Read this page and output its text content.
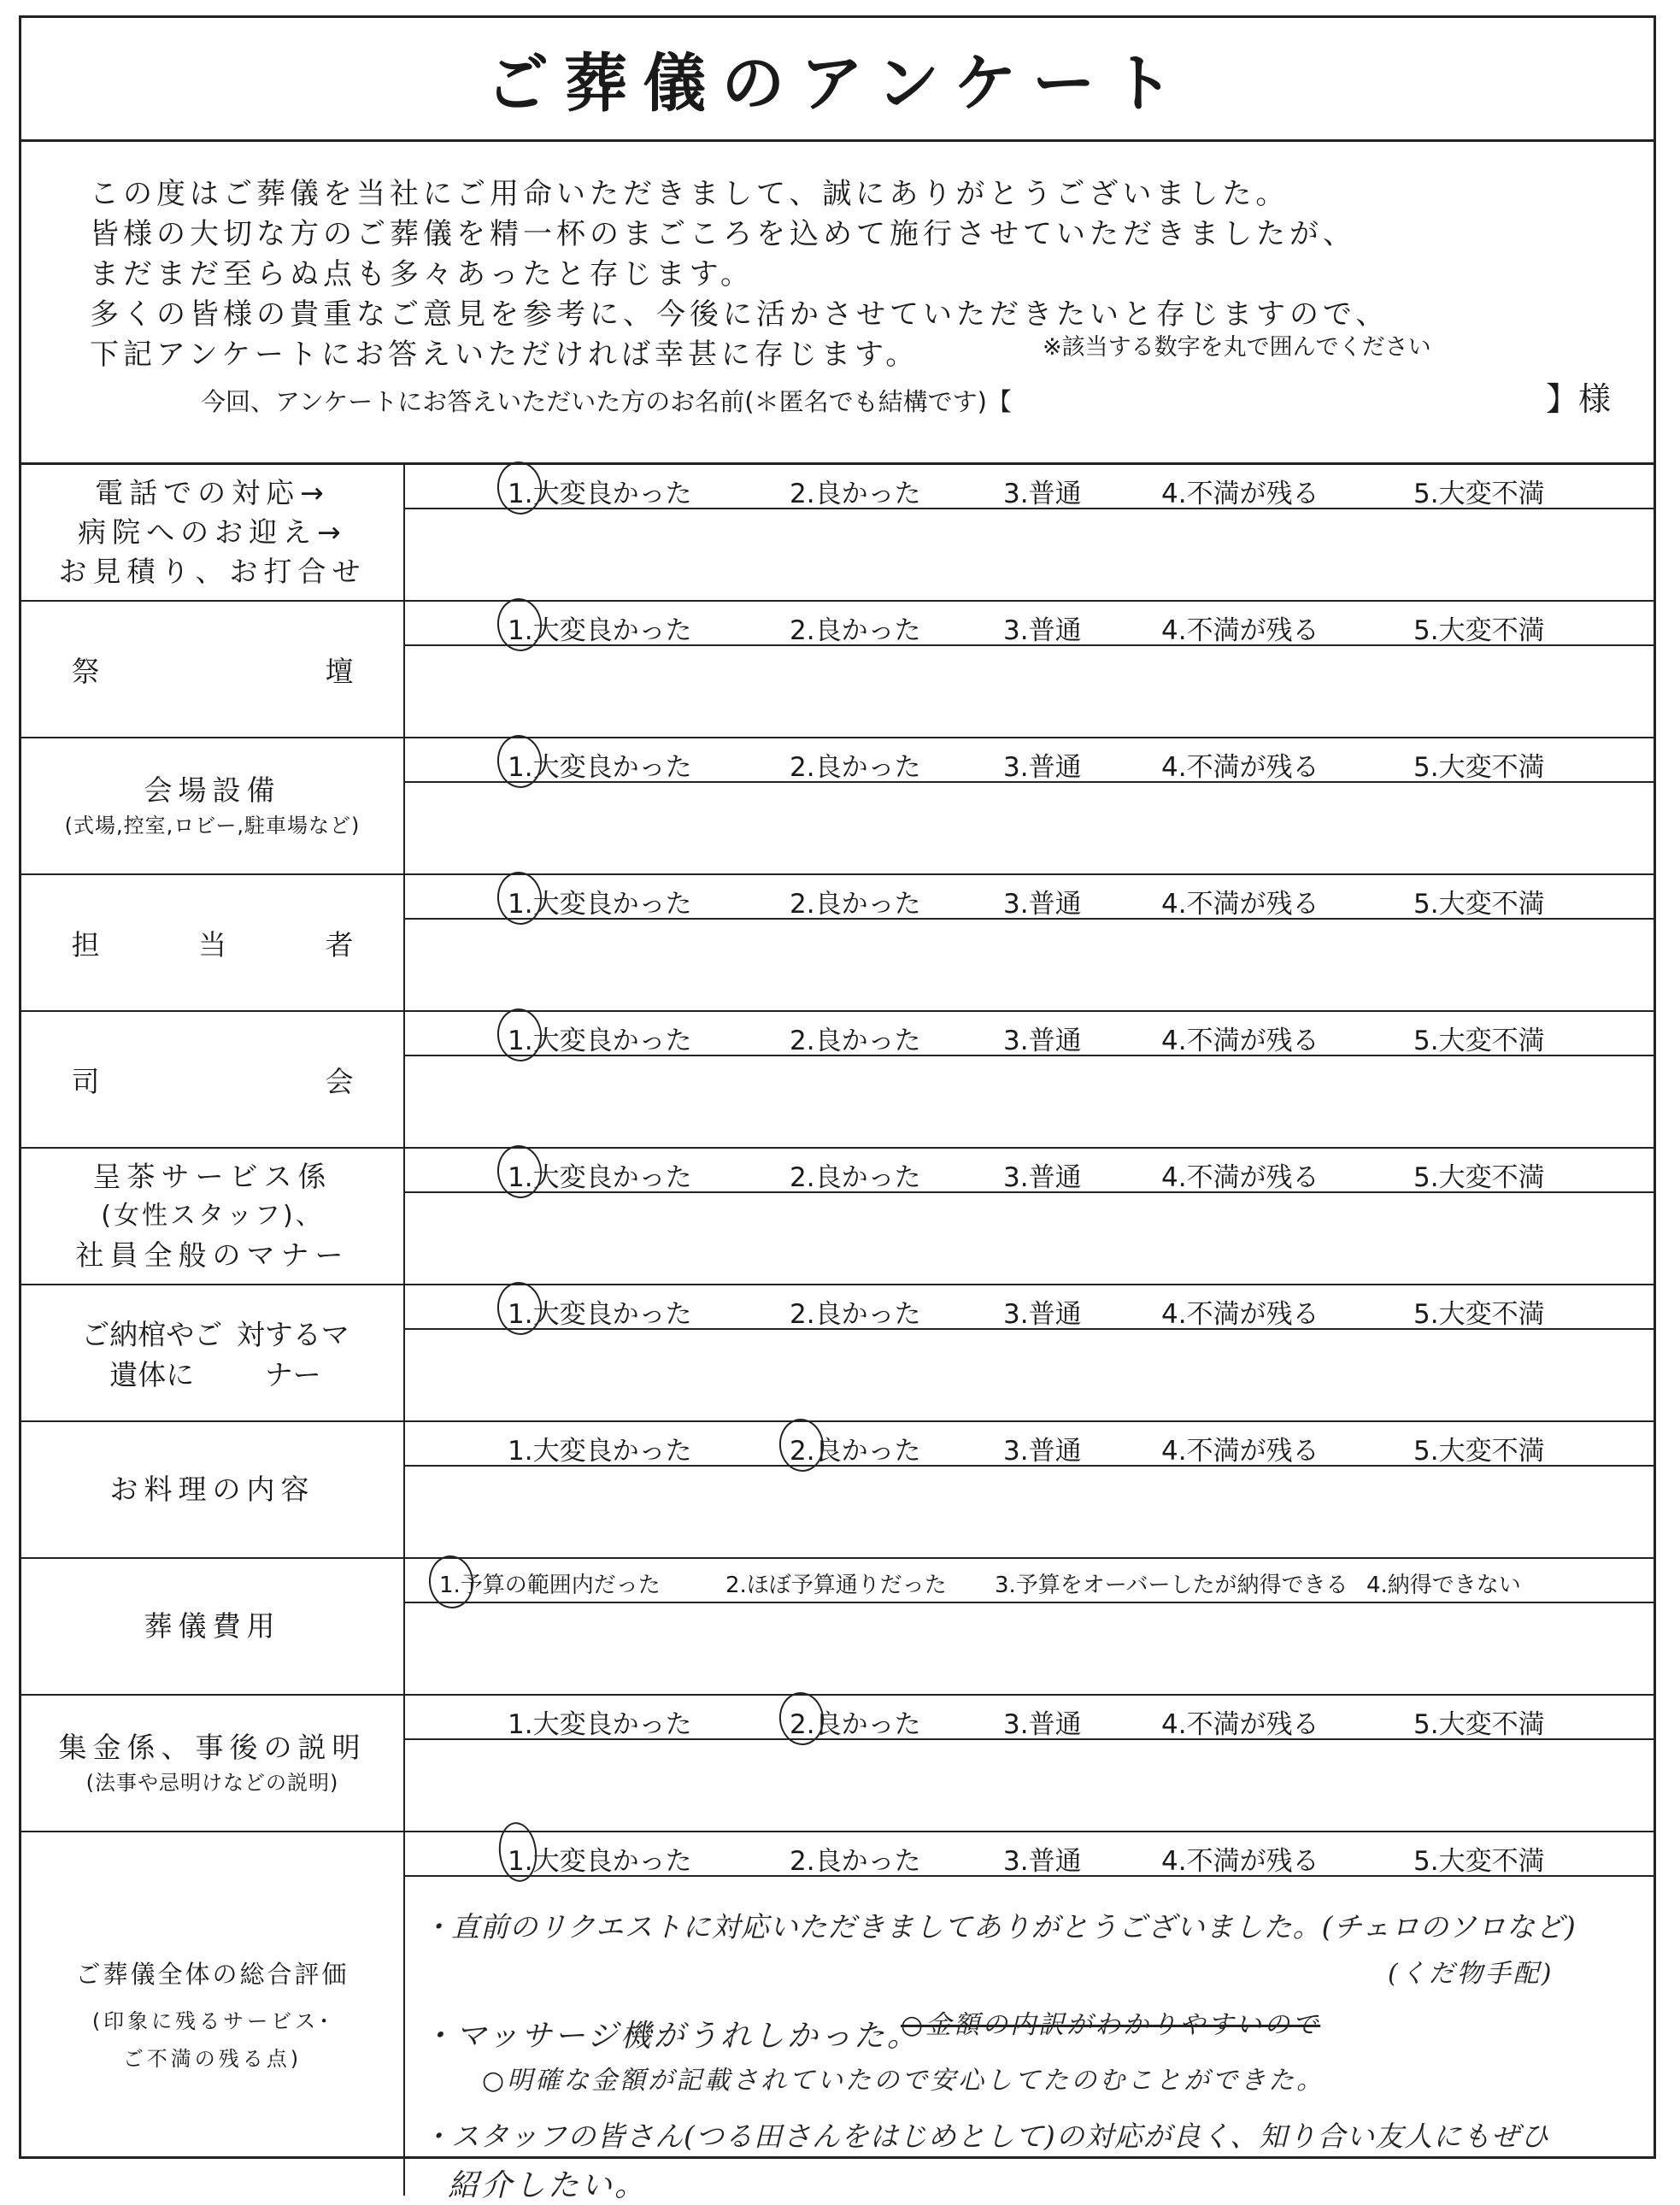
ご葬儀のアンケート
この度はご葬儀を当社にご用命いただきまして、誠にありがとうございました。
皆様の大切な方のご葬儀を精一杯のまごころを込めて施行させていただきましたが、
まだまだ至らぬ点も多々あったと存じます。
多くの皆様の貴重なご意見を参考に、今後に活かさせていただきたいと存じますので、
下記アンケートにお答えいただければ幸甚に存じます。	※該当する数字を丸で囲んでください
今回、アンケートにお答えいただいた方のお名前(＊匿名でも結構です)【	】様
電話での対応→
病院へのお迎え→
お見積り、お打合せ
1.大変良かった	2.良かった	3.普通	4.不満が残る	5.大変不満
祭	壇
1.大変良かった	2.良かった	3.普通	4.不満が残る	5.大変不満
会場設備
(式場,控室,ロビー,駐車場など)
1.大変良かった	2.良かった	3.普通	4.不満が残る	5.大変不満
担	当	者
1.大変良かった	2.良かった	3.普通	4.不満が残る	5.大変不満
司	会
1.大変良かった	2.良かった	3.普通	4.不満が残る	5.大変不満
呈茶サービス係
(女性スタッフ)、
社員全般のマナー
1.大変良かった	2.良かった	3.普通	4.不満が残る	5.大変不満
ご納棺やご遺体に
対するマナー
1.大変良かった	2.良かった	3.普通	4.不満が残る	5.大変不満
お料理の内容
1.大変良かった	2.良かった	3.普通	4.不満が残る	5.大変不満
葬儀費用
1.予算の範囲内だった	2.ほぼ予算通りだった 3.予算をオーバーしたが納得できる 4.納得できない
集金係、事後の説明
(法事や忌明けなどの説明)
1.大変良かった	2.良かった	3.普通	4.不満が残る	5.大変不満
ご葬儀全体の総合評価
(印象に残るサービス･
ご不満の残る点)
1.大変良かった	2.良かった	3.普通	4.不満が残る	5.大変不満
・直前のリクエストに対応いただきましてありがとうございました。(チェロのソロなど)
(くだ物手配)
・マッサージ機がうれしかった。
○金額の内訳がわかりやすいので
○明確な金額が記載されていたので安心してたのむことができた。
・スタッフの皆さん(つる田さんをはじめとして)の対応が良く、知り合い友人にもぜひ
紹介したい。
